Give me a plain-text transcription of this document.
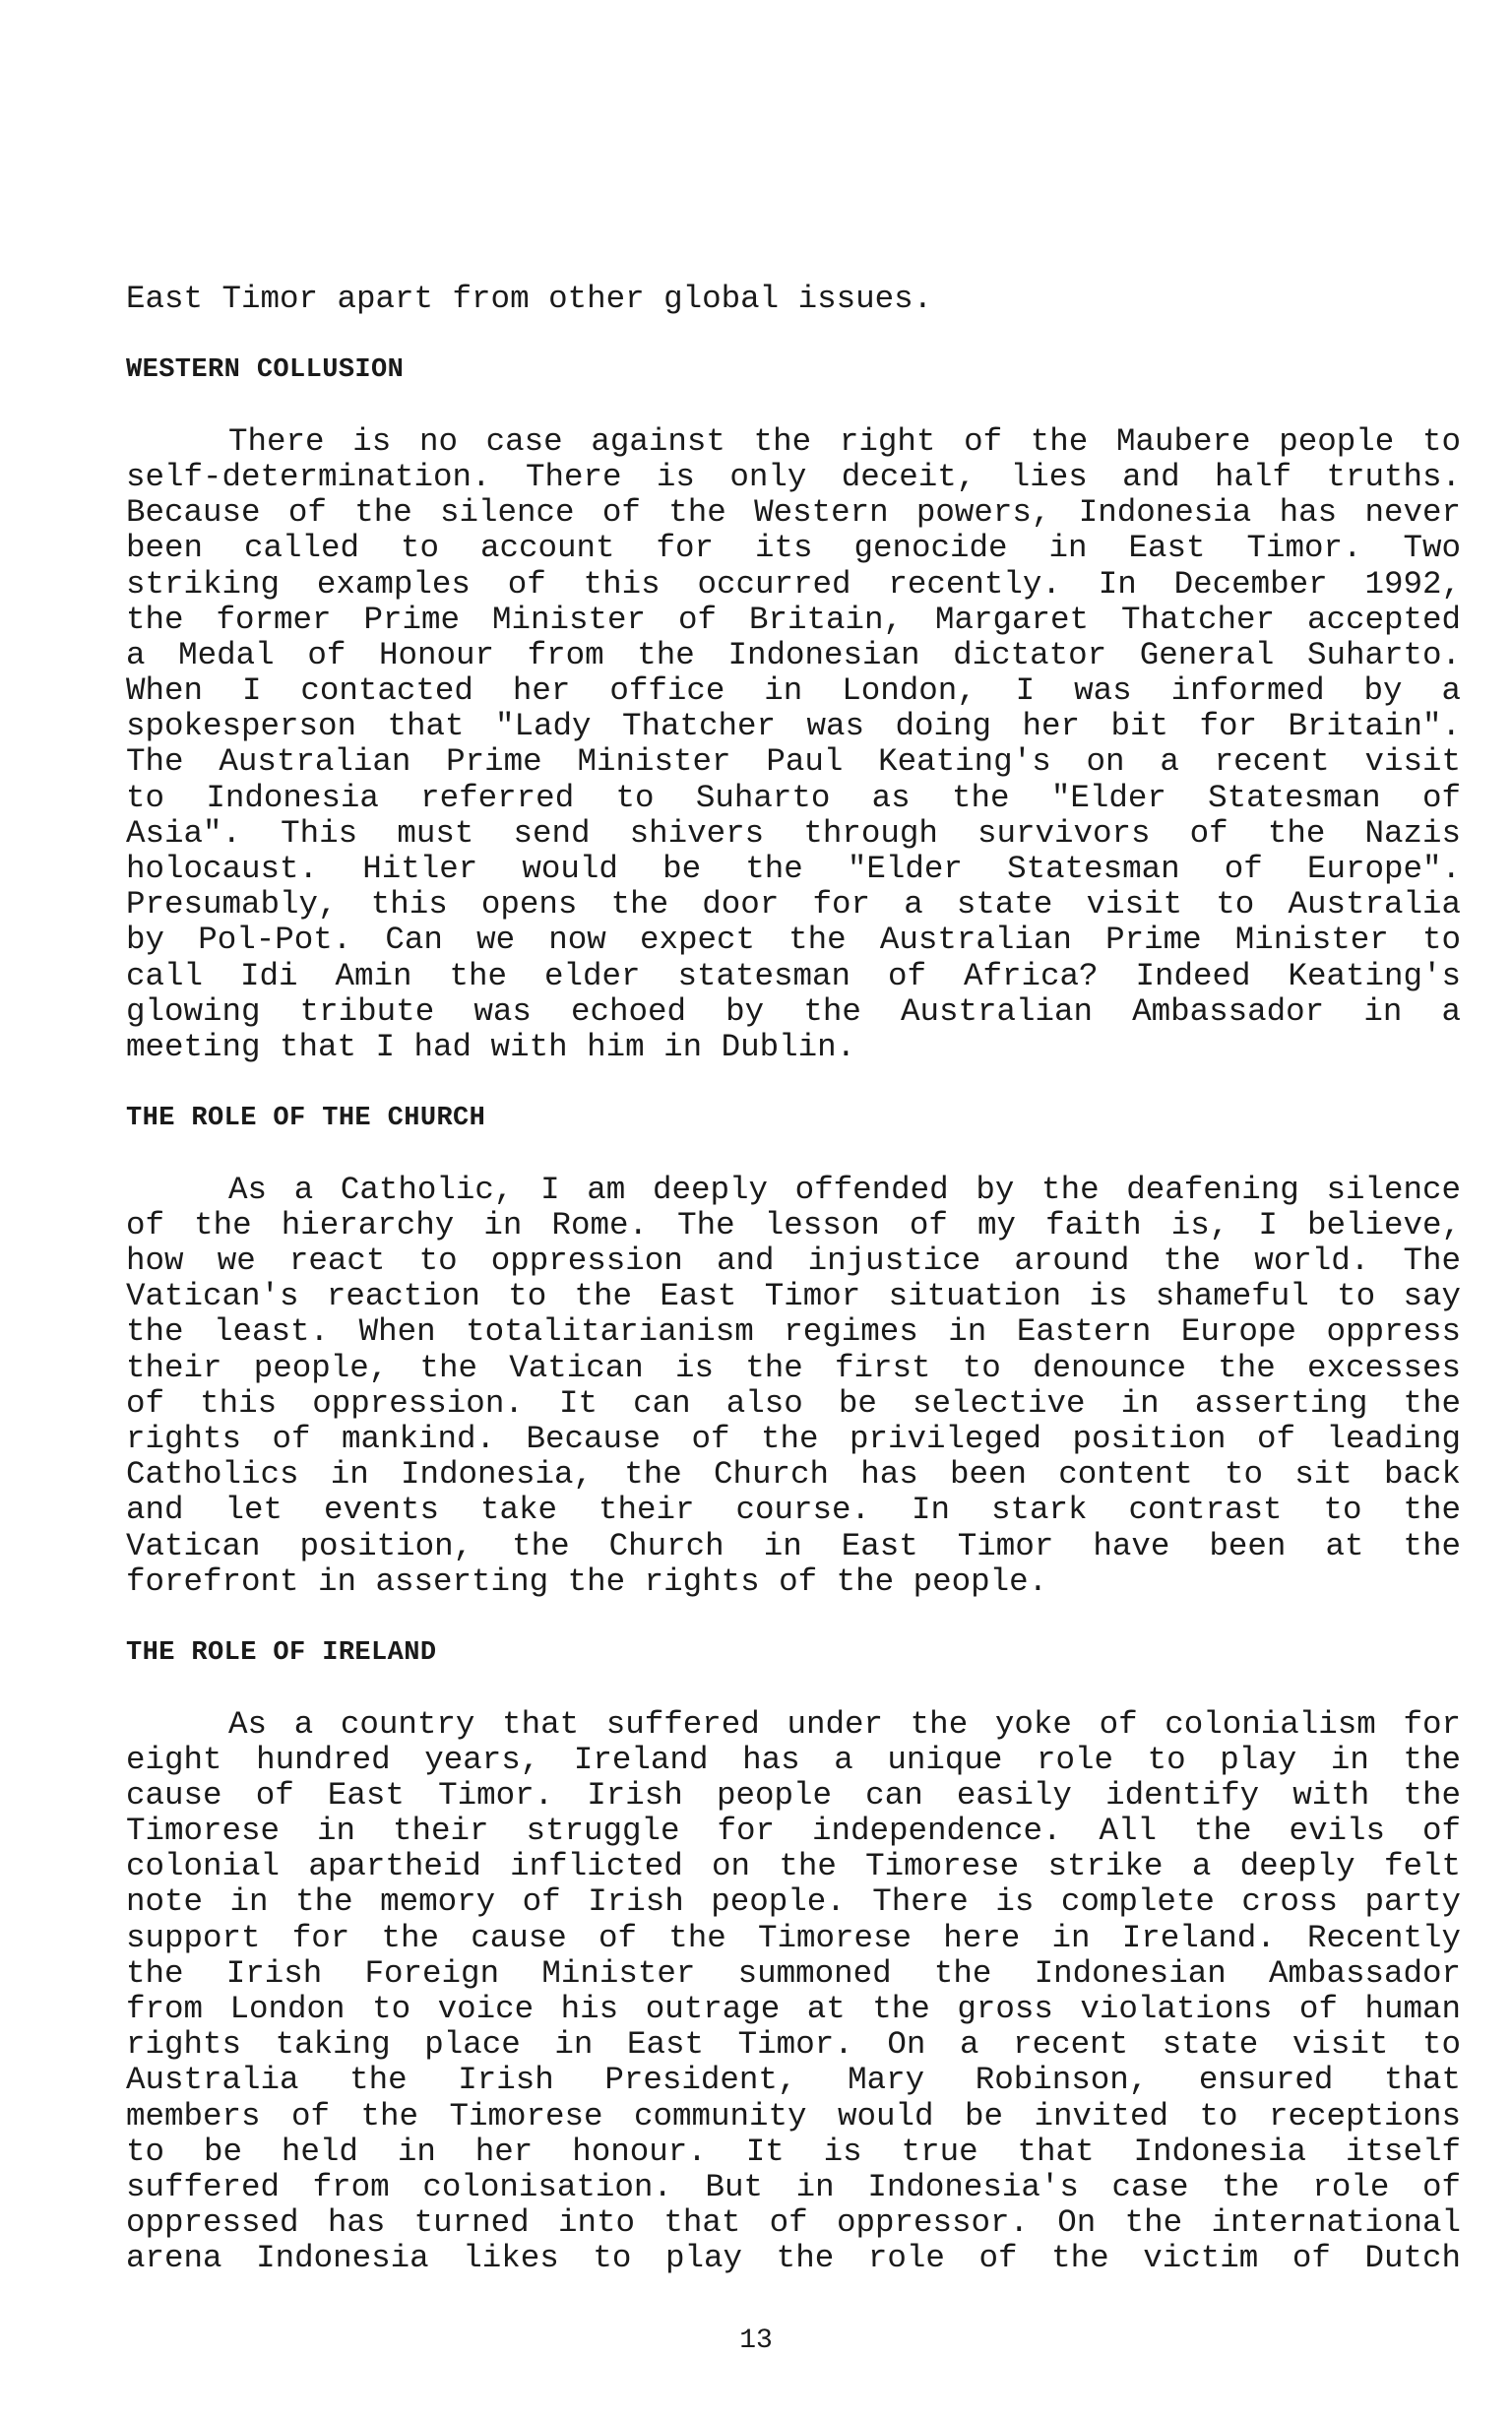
East Timor apart from other global issues.

WESTERN COLLUSION

There is no case against the right of the Maubere people to

self-determination. There is only deceit, lies and half truths.

Because of the silence of the Western powers, Indonesia has never

been called to account for its genocide in East Timor. Two

striking examples of this occurred recently. In December 1992,

the former Prime Minister of Britain, Margaret Thatcher accepted

a Medal of Honour from the Indonesian dictator General Suharto.

When I contacted her office in London, I was informed by a

spokesperson that "Lady Thatcher was doing her bit for Britain".

The Australian Prime Minister Paul Keating's on a recent visit

to Indonesia referred to Suharto as the "Elder Statesman of

Asia". This must send shivers through survivors of the Nazis

holocaust. Hitler would be the "Elder Statesman of Europe".

Presumably, this opens the door for a state visit to Australia

by Pol-Pot. Can we now expect the Australian Prime Minister to

call Idi Amin the elder statesman of Africa? Indeed Keating's

glowing tribute was echoed by the Australian Ambassador in a

meeting that I had with him in Dublin.

THE ROLE OF THE CHURCH

As a Catholic, I am deeply offended by the deafening silence

of the hierarchy in Rome. The lesson of my faith is, I believe,

how we react to oppression and injustice around the world. The

Vatican's reaction to the East Timor situation is shameful to say

the least. When totalitarianism regimes in Eastern Europe oppress

their people, the Vatican is the first to denounce the excesses

of this oppression. It can also be selective in asserting the

rights of mankind. Because of the privileged position of leading

Catholics in Indonesia, the Church has been content to sit back

and let events take their course. In stark contrast to the

Vatican position, the Church in East Timor have been at the

forefront in asserting the rights of the people.

THE ROLE OF IRELAND

As a country that suffered under the yoke of colonialism for

eight hundred years, Ireland has a unique role to play in the

cause of East Timor. Irish people can easily identify with the

Timorese in their struggle for independence. All the evils of

colonial apartheid inflicted on the Timorese strike a deeply felt

note in the memory of Irish people. There is complete cross party

support for the cause of the Timorese here in Ireland. Recently

the Irish Foreign Minister summoned the Indonesian Ambassador

from London to voice his outrage at the gross violations of human

rights taking place in East Timor. On a recent state visit to

Australia the Irish President, Mary Robinson, ensured that

members of the Timorese community would be invited to receptions

to be held in her honour. It is true that Indonesia itself

suffered from colonisation. But in Indonesia's case the role of

oppressed has turned into that of oppressor. On the international

arena Indonesia likes to play the role of the victim of Dutch

13
